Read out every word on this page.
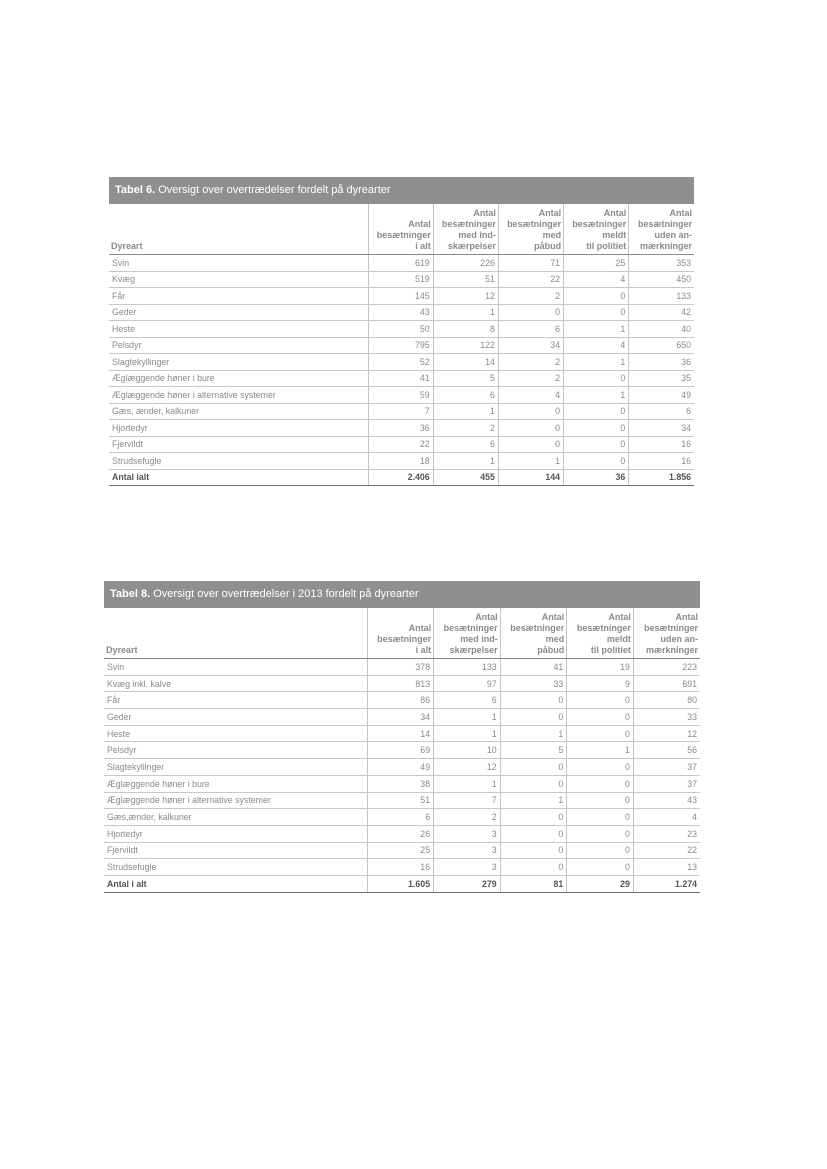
Tabel 6. Oversigt over overtrædelser fordelt på dyrearter
Dyreart	Antal
besætninger
i alt	Antal
besætninger
med ind-
skærpelser	Antal
besætninger
med
påbud	Antal
besætninger
meldt
til politiet	Antal
besætninger
uden an-
mærkninger
Svin	619	226	71	25	353
Kvæg	519	51	22	4	450
Får	145	12	2	0	133
Geder	43	1	0	0	42
Heste	50	8	6	1	40
Pelsdyr	795	122	34	4	650
Slagtekyllinger	52	14	2	1	36
Æglæggende høner i bure	41	5	2	0	35
Æglæggende høner i alternative systemer	59	6	4	1	49
Gæs, ænder, kalkuner	7	1	0	0	6
Hjortedyr	36	2	0	0	34
Fjervildt	22	6	0	0	16
Strudsefugle	18	1	1	0	16
Antal ialt	2.406	455	144	36	1.856
Tabel 8. Oversigt over overtrædelser i 2013 fordelt på dyrearter
Dyreart	Antal
besætninger
i alt	Antal
besætninger
med ind-
skærpelser	Antal
besætninger
med
påbud	Antal
besætninger
meldt
til politiet	Antal
besætninger
uden an-
mærkninger
Svin	378	133	41	19	223
Kvæg inkl. kalve	813	97	33	9	691
Får	86	6	0	0	80
Geder	34	1	0	0	33
Heste	14	1	1	0	12
Pelsdyr	69	10	5	1	56
Slagtekyllinger	49	12	0	0	37
Æglæggende høner i bure	38	1	0	0	37
Æglæggende høner i alternative systemer	51	7	1	0	43
Gæs,ænder, kalkuner	6	2	0	0	4
Hjortedyr	26	3	0	0	23
Fjervildt	25	3	0	0	22
Strudsefugle	16	3	0	0	13
Antal i alt	1.605	279	81	29	1.274
